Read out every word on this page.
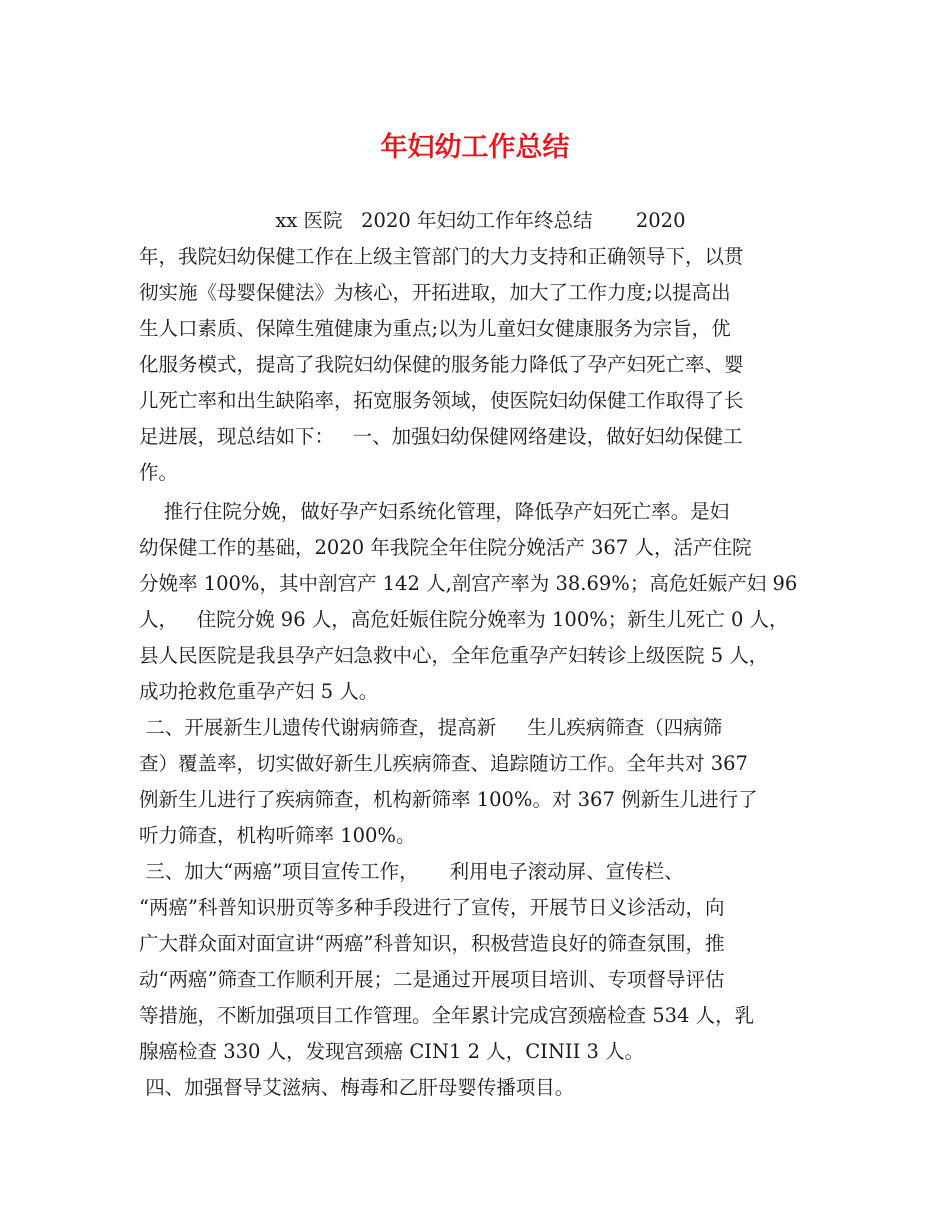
年妇幼工作总结
xx 医院   2020 年妇幼工作年终总结       2020
年，我院妇幼保健工作在上级主管部门的大力支持和正确领导下，以贯
彻实施《母婴保健法》为核心，开拓进取，加大了工作力度;以提高出
生人口素质、保障生殖健康为重点;以为儿童妇女健康服务为宗旨，优
化服务模式，提高了我院妇幼保健的服务能力降低了孕产妇死亡率、婴
儿死亡率和出生缺陷率，拓宽服务领域，使医院妇幼保健工作取得了长
足进展，现总结如下：   一、加强妇幼保健网络建设，做好妇幼保健工
作。
推行住院分娩，做好孕产妇系统化管理，降低孕产妇死亡率。是妇
幼保健工作的基础，2020 年我院全年住院分娩活产 367 人，活产住院
分娩率 100%，其中剖宫产 142 人,剖宫产率为 38.69%；高危妊娠产妇 96
人，   住院分娩 96 人，高危妊娠住院分娩率为 100%；新生儿死亡 0 人，
县人民医院是我县孕产妇急救中心，全年危重孕产妇转诊上级医院 5 人，
成功抢救危重孕产妇 5 人。
二、开展新生儿遗传代谢病筛查，提高新     生儿疾病筛查（四病筛
查）覆盖率，切实做好新生儿疾病筛查、追踪随访工作。全年共对 367
例新生儿进行了疾病筛查，机构新筛率 100%。对 367 例新生儿进行了
听力筛查，机构听筛率 100%。
三、加大“两癌”项目宣传工作，     利用电子滚动屏、宣传栏、
“两癌”科普知识册页等多种手段进行了宣传，开展节日义诊活动，向
广大群众面对面宣讲“两癌”科普知识，积极营造良好的筛查氛围，推
动“两癌”筛查工作顺利开展；二是通过开展项目培训、专项督导评估
等措施，不断加强项目工作管理。全年累计完成宫颈癌检查 534 人，乳
腺癌检查 330 人，发现宫颈癌 CIN1 2 人，CINII 3 人。
四、加强督导艾滋病、梅毒和乙肝母婴传播项目。
